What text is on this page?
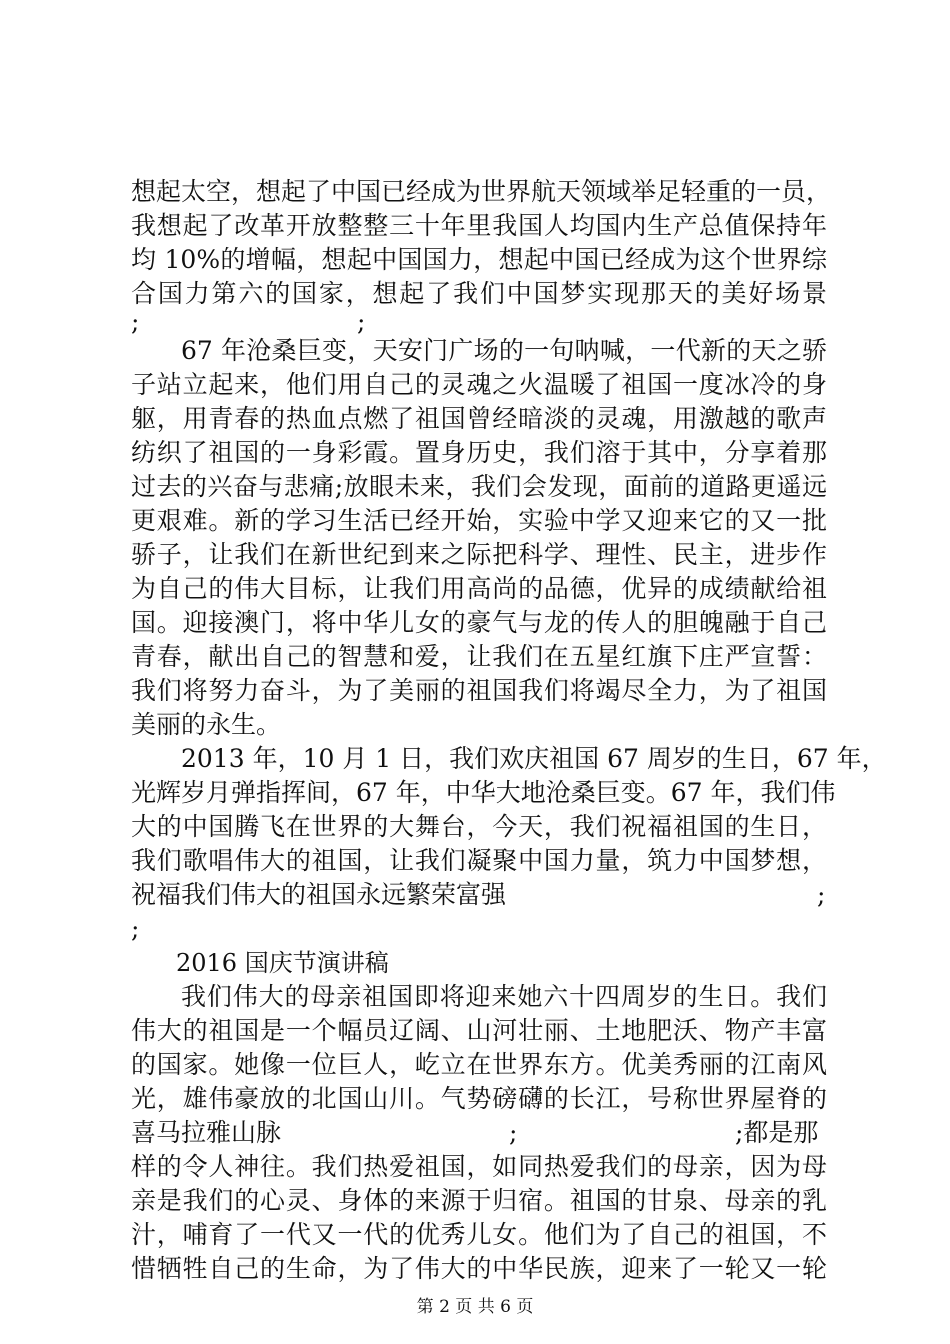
想起太空，想起了中国已经成为世界航天领域举足轻重的一员，
我想起了改革开放整整三十年里我国人均国内生产总值保持年
均 10%的增幅，想起中国国力，想起中国已经成为这个世界综
合国力第六的国家，想起了我们中国梦实现那天的美好场景
;	;
67 年沧桑巨变，天安门广场的一句呐喊，一代新的天之骄
子站立起来，他们用自己的灵魂之火温暖了祖国一度冰冷的身
躯，用青春的热血点燃了祖国曾经暗淡的灵魂，用激越的歌声
纺织了祖国的一身彩霞。置身历史，我们溶于其中，分享着那
过去的兴奋与悲痛;放眼未来，我们会发现，面前的道路更遥远
更艰难。新的学习生活已经开始，实验中学又迎来它的又一批
骄子，让我们在新世纪到来之际把科学、理性、民主，进步作
为自己的伟大目标，让我们用高尚的品德，优异的成绩献给祖
国。迎接澳门，将中华儿女的豪气与龙的传人的胆魄融于自己
青春，献出自己的智慧和爱，让我们在五星红旗下庄严宣誓：
我们将努力奋斗，为了美丽的祖国我们将竭尽全力，为了祖国
美丽的永生。
2013 年，10 月 1 日，我们欢庆祖国 67 周岁的生日，67 年，
光辉岁月弹指挥间，67 年，中华大地沧桑巨变。67 年，我们伟
大的中国腾飞在世界的大舞台，今天，我们祝福祖国的生日，
我们歌唱伟大的祖国，让我们凝聚中国力量，筑力中国梦想，
祝福我们伟大的祖国永远繁荣富强	;
;
2016 国庆节演讲稿
我们伟大的母亲祖国即将迎来她六十四周岁的生日。我们
伟大的祖国是一个幅员辽阔、山河壮丽、土地肥沃、物产丰富
的国家。她像一位巨人，屹立在世界东方。优美秀丽的江南风
光，雄伟豪放的北国山川。气势磅礴的长江，号称世界屋脊的
喜马拉雅山脉	;	;都是那
样的令人神往。我们热爱祖国，如同热爱我们的母亲，因为母
亲是我们的心灵、身体的来源于归宿。祖国的甘泉、母亲的乳
汁，哺育了一代又一代的优秀儿女。他们为了自己的祖国，不
惜牺牲自己的生命，为了伟大的中华民族，迎来了一轮又一轮
第 2 页 共 6 页
